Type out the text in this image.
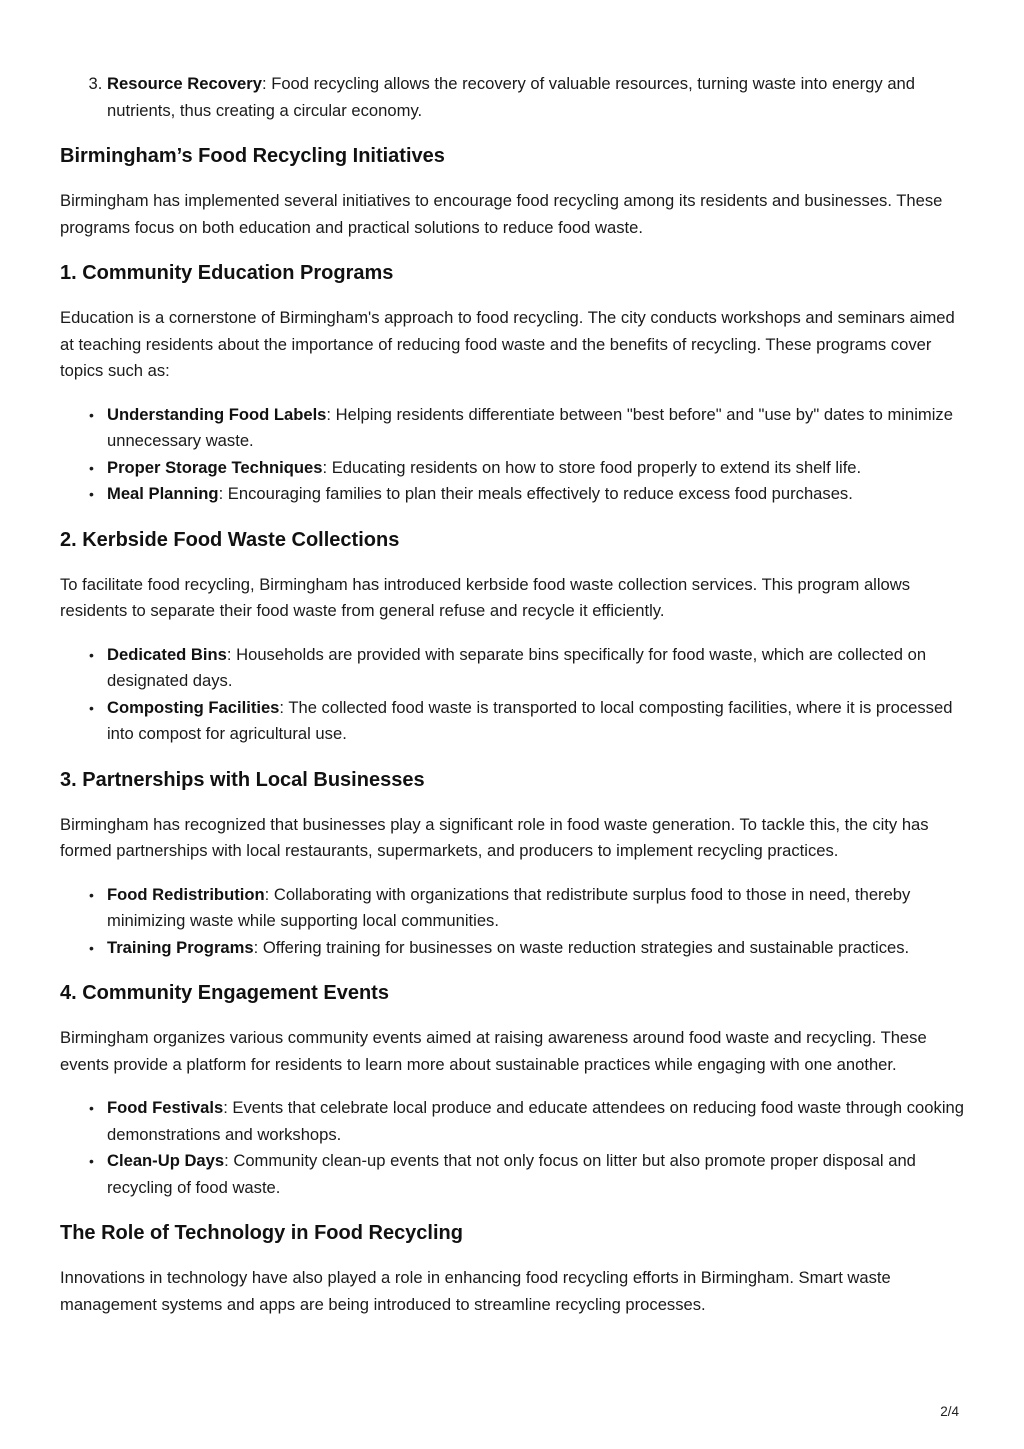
3. Resource Recovery: Food recycling allows the recovery of valuable resources, turning waste into energy and nutrients, thus creating a circular economy.
Birmingham’s Food Recycling Initiatives

Birmingham has implemented several initiatives to encourage food recycling among its residents and businesses. These programs focus on both education and practical solutions to reduce food waste.

1. Community Education Programs

Education is a cornerstone of Birmingham's approach to food recycling. The city conducts workshops and seminars aimed at teaching residents about the importance of reducing food waste and the benefits of recycling. These programs cover topics such as:

• Understanding Food Labels: Helping residents differentiate between "best before" and "use by" dates to minimize unnecessary waste.
• Proper Storage Techniques: Educating residents on how to store food properly to extend its shelf life.
• Meal Planning: Encouraging families to plan their meals effectively to reduce excess food purchases.
2. Kerbside Food Waste Collections

To facilitate food recycling, Birmingham has introduced kerbside food waste collection services. This program allows residents to separate their food waste from general refuse and recycle it efficiently.

• Dedicated Bins: Households are provided with separate bins specifically for food waste, which are collected on designated days.
• Composting Facilities: The collected food waste is transported to local composting facilities, where it is processed into compost for agricultural use.
3. Partnerships with Local Businesses

Birmingham has recognized that businesses play a significant role in food waste generation. To tackle this, the city has formed partnerships with local restaurants, supermarkets, and producers to implement recycling practices.

• Food Redistribution: Collaborating with organizations that redistribute surplus food to those in need, thereby minimizing waste while supporting local communities.
• Training Programs: Offering training for businesses on waste reduction strategies and sustainable practices.
4. Community Engagement Events

Birmingham organizes various community events aimed at raising awareness around food waste and recycling. These events provide a platform for residents to learn more about sustainable practices while engaging with one another.

• Food Festivals: Events that celebrate local produce and educate attendees on reducing food waste through cooking demonstrations and workshops.
• Clean-Up Days: Community clean-up events that not only focus on litter but also promote proper disposal and recycling of food waste.
The Role of Technology in Food Recycling

Innovations in technology have also played a role in enhancing food recycling efforts in Birmingham. Smart waste management systems and apps are being introduced to streamline recycling processes.

2/4
